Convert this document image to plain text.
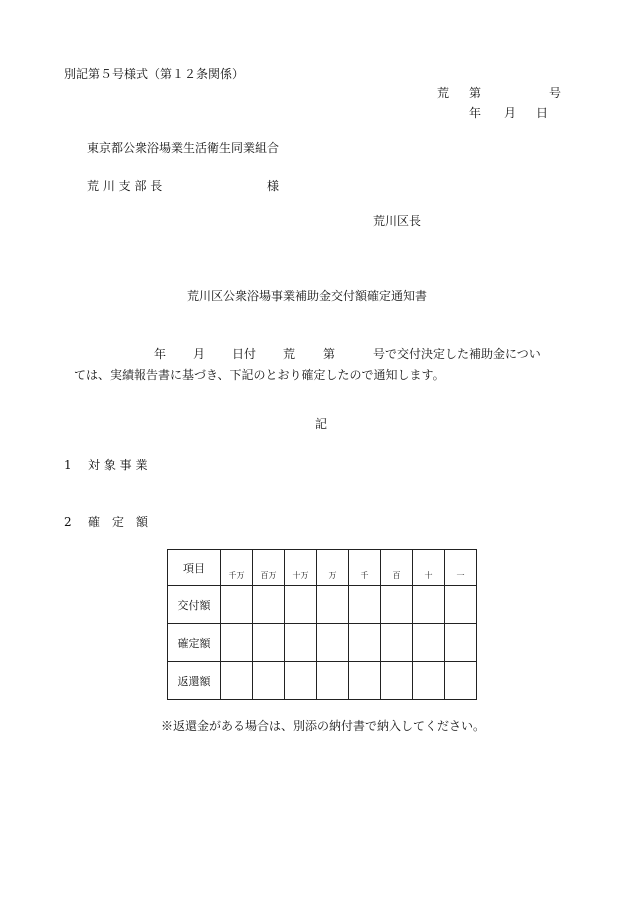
別記第５号様式（第１２条関係）
荒 第	号
年 月 日
東京都公衆浴場業生活衛生同業組合
荒 川 支 部 長	様
荒川区長
荒川区公衆浴場事業補助金交付額確定通知書
年 月 日付 荒 第	号で交付決定した補助金につい
ては、実績報告書に基づき、下記のとおり確定したので通知します。
記
1 対 象 事 業
2 確　定　額
項目	千万	百万	十万	万	千	百	十	一
交付額								
確定額								
返還額								
※返還金がある場合は、別添の納付書で納入してください。
